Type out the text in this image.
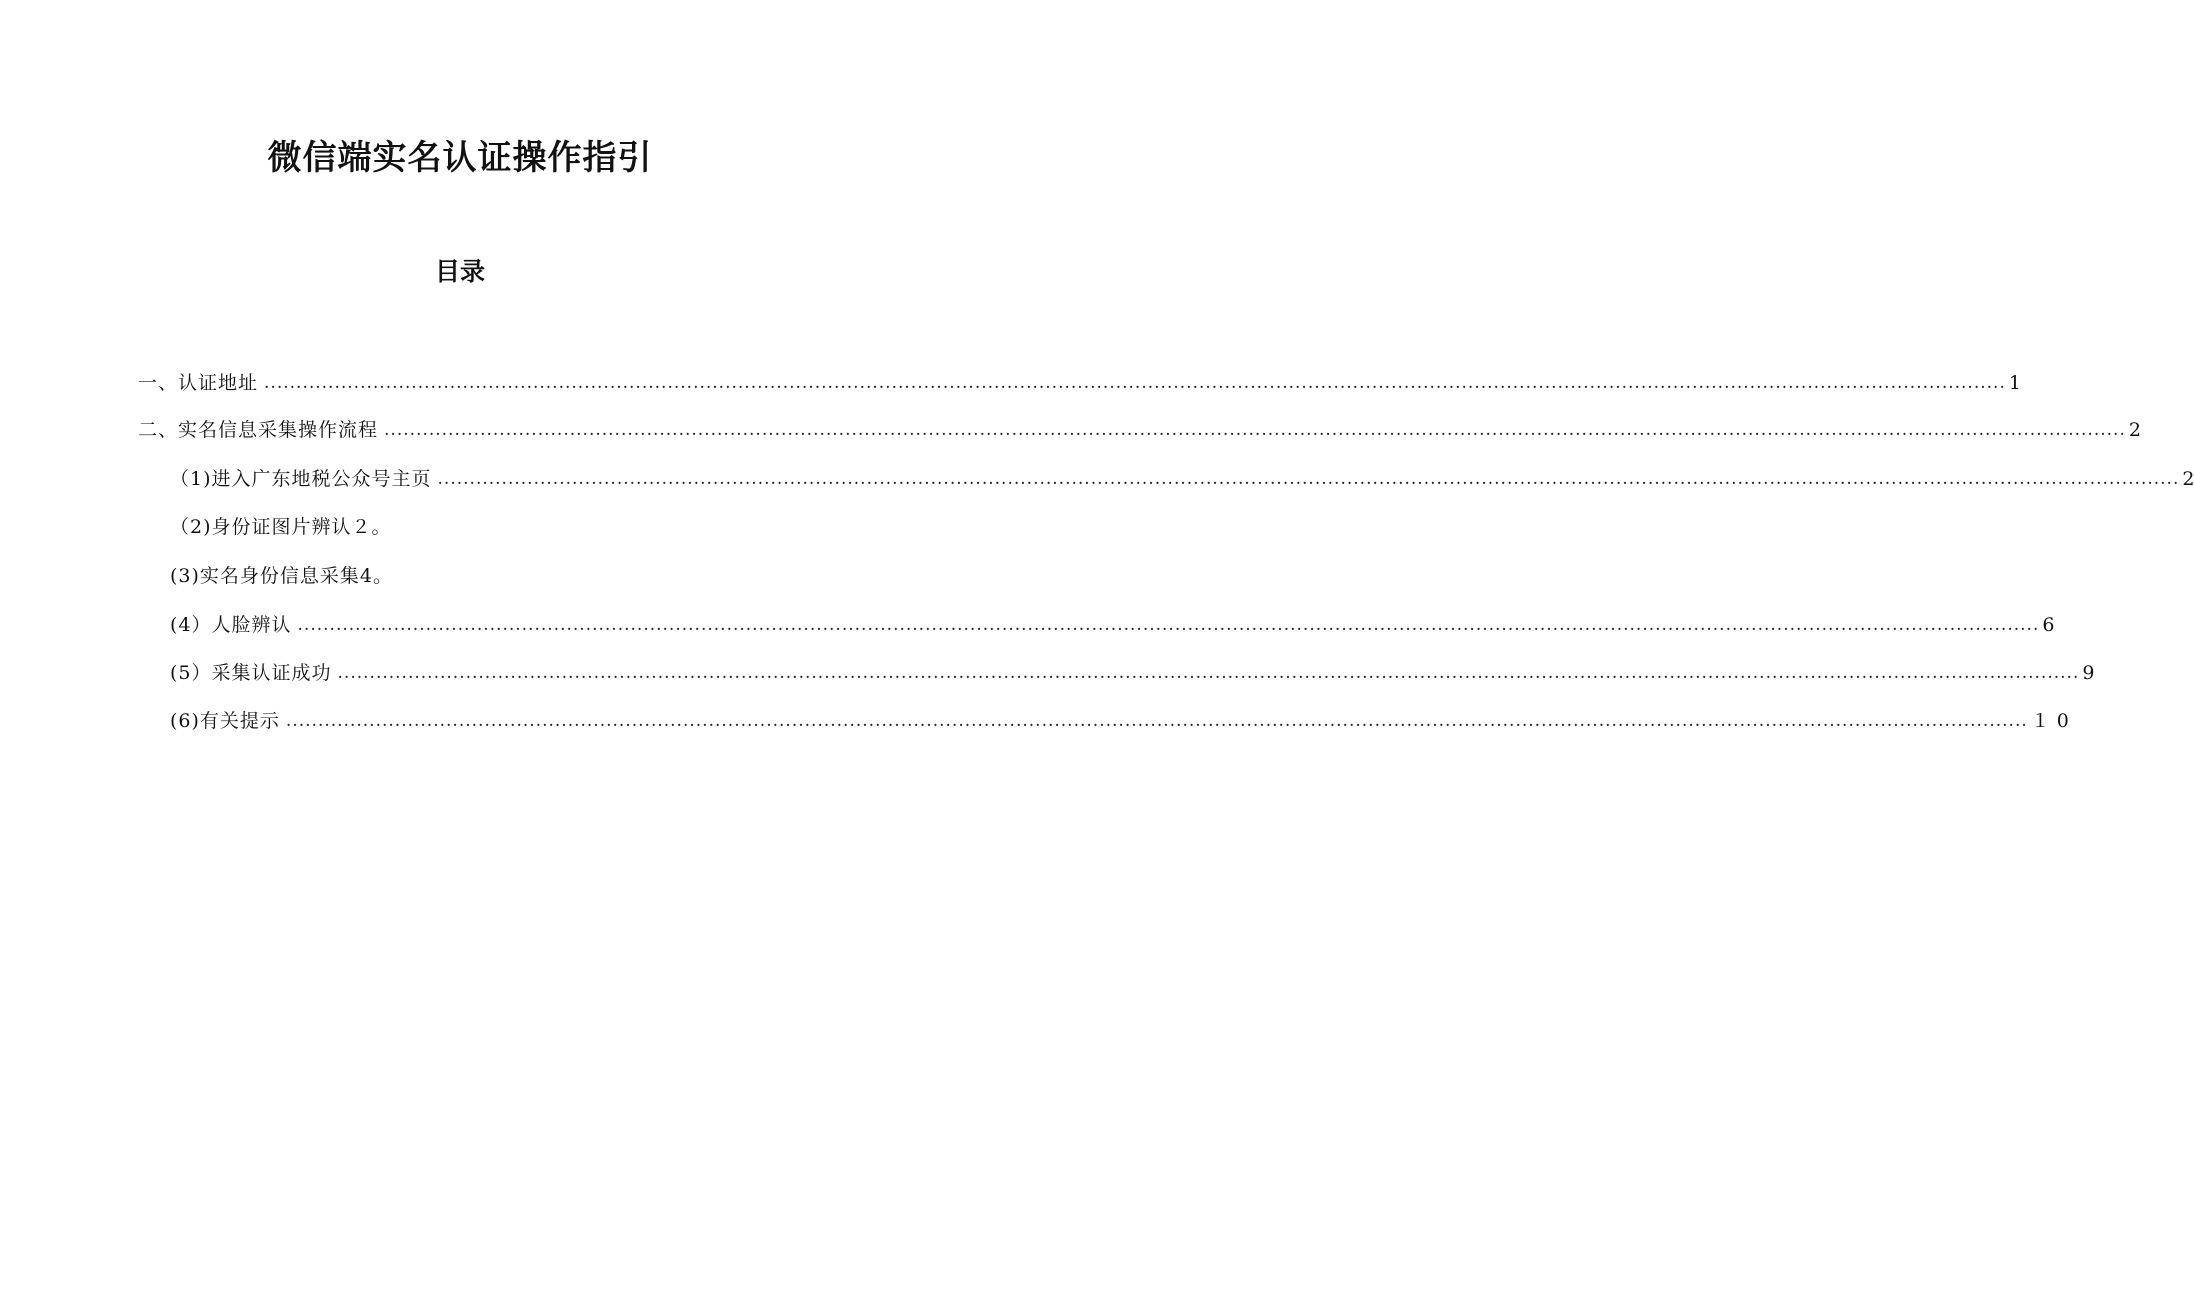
微信端实名认证操作指引
目录
一、认证地址 ................................................................................................................................................................................................................................................................................ 1
二、实名信息采集操作流程 ................................................................................................................................................................................................................................................................................ 2
（1)进入广东地税公众号主页 ................................................................................................................................................................................................................................................................................ 2
（2)身份证图片辨认２。
(3)实名身份信息采集4。
(4）人脸辨认 ................................................................................................................................................................................................................................................................................ 6
(5）采集认证成功 ................................................................................................................................................................................................................................................................................ 9
(6)有关提示 ................................................................................................................................................................................................................................................................................ １0
